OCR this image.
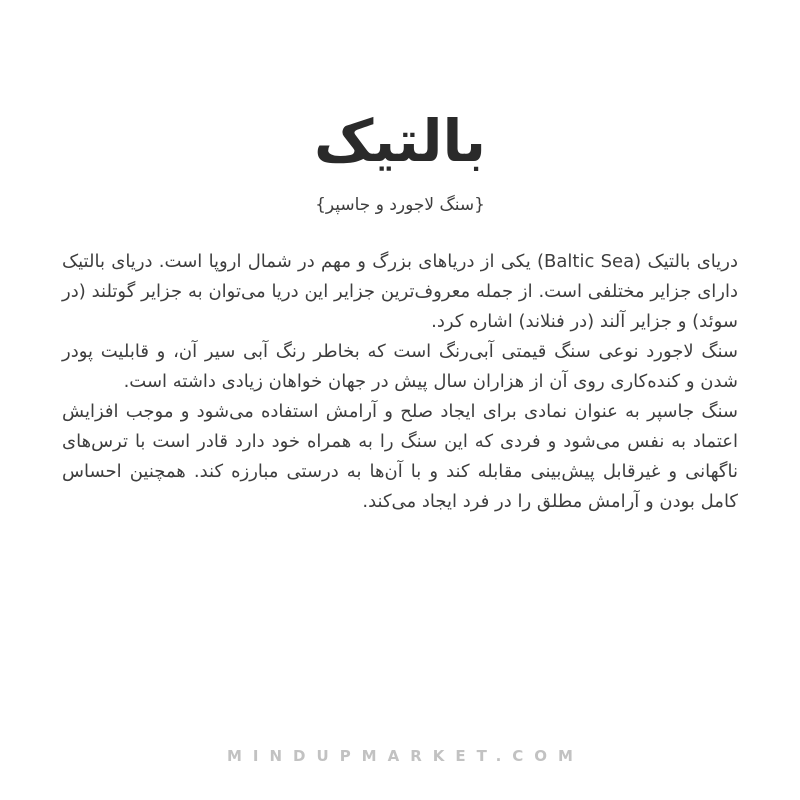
بالتیک
{سنگ لاجورد و جاسپر}

دریای بالتیک (Baltic Sea) یکی از دریاهای بزرگ و مهم در شمال اروپا است. دریای بالتیک دارای جزایر مختلفی است. از جمله معروف‌ترین جزایر این دریا می‌توان به جزایر گوتلند (در سوئد) و جزایر آلند (در فنلاند) اشاره کرد.

سنگ لاجورد نوعی سنگ قیمتی آبی‌رنگ است که بخاطر رنگ آبی سیر آن، و قابلیت پودر شدن و کنده‌کاری روی آن از هزاران سال پیش در جهان خواهان زیادی داشته است.

سنگ جاسپر به عنوان نمادی برای ایجاد صلح و آرامش استفاده می‌شود و موجب افزایش اعتماد به نفس می‌شود و فردی که این سنگ را به همراه خود دارد قادر است با ترس‌های ناگهانی و غیرقابل پیش‌بینی مقابله کند و با آن‌ها به درستی مبارزه کند. همچنین احساس کامل بودن و آرامش مطلق را در فرد ایجاد می‌کند.

MINDUPMARKET.COM
